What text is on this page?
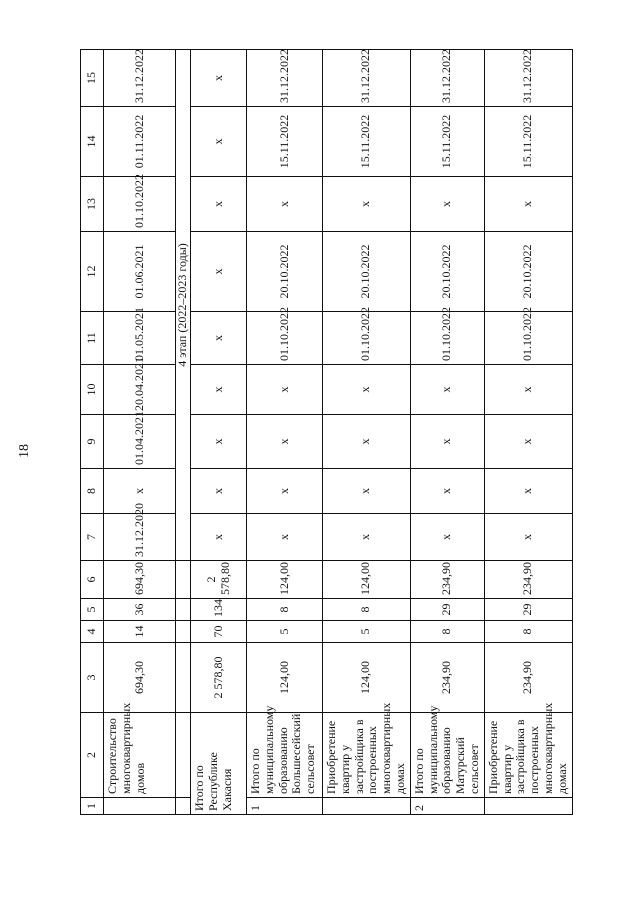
18
1	2	3	4	5	6	7	8	9	10	11	12	13	14	15
	Строительство многоквартирных домов	694,30	14	36	694,30	31.12.2020	x	01.04.2021	20.04.2021	01.05.2021	01.06.2021	01.10.2022	01.11.2022	31.12.2022
						4 этап (2022–2023 годы)								
Итого по Республике Хакасия		2 578,80	70	134	2 578,80	x	x	x	x	x	x	x	x	x
1	Итого по муниципальному образованию Большесейский сельсовет	124,00	5	8	124,00	x	x	x	x	01.10.2022	20.10.2022	x	15.11.2022	31.12.2022
	Приобретение квартир у застройщика в построенных многоквартирных домах	124,00	5	8	124,00	x	x	x	x	01.10.2022	20.10.2022	x	15.11.2022	31.12.2022
2	Итого по муниципальному образованию Матурский сельсовет	234,90	8	29	234,90	x	x	x	x	01.10.2022	20.10.2022	x	15.11.2022	31.12.2022
	Приобретение квартир у застройщика в построенных многоквартирных домах	234,90	8	29	234,90	x	x	x	x	01.10.2022	20.10.2022	x	15.11.2022	31.12.2022
